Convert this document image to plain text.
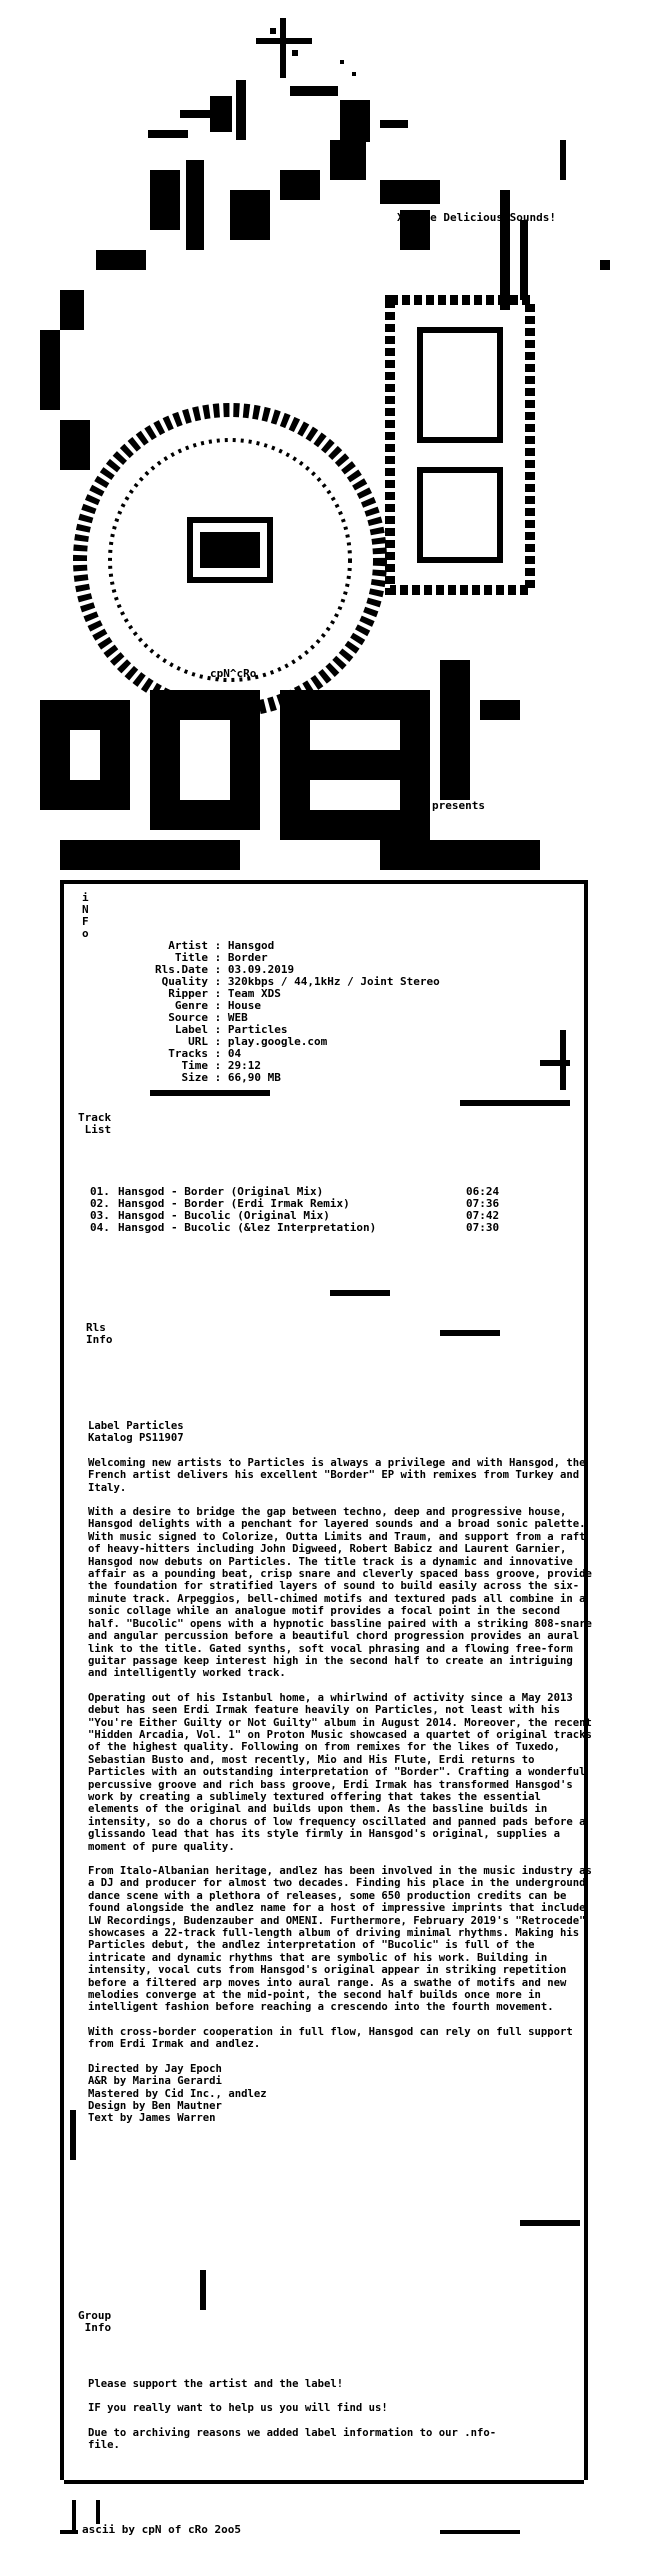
Xtreme Delicious Sounds!
cpN^cRo
presents
i
N
F
o
Artist : Hansgod
Title : Border
Rls.Date : 03.09.2019
Quality : 320kbps / 44,1kHz / Joint Stereo
Ripper : Team XDS
Genre : House
Source : WEB
Label : Particles
URL : play.google.com
Tracks : 04
Time : 29:12
Size : 66,90 MB
Track
List
01. Hansgod - Border (Original Mix)	06:24
02. Hansgod - Border (Erdi Irmak Remix)	07:36
03. Hansgod - Bucolic (Original Mix)	07:42
04. Hansgod - Bucolic (&lez Interpretation)	07:30
Rls
Info
Label Particles
Katalog PS11907

Welcoming new artists to Particles is always a privilege and with Hansgod, the French artist delivers his excellent "Border" EP with remixes from Turkey and Italy.

With a desire to bridge the gap between techno, deep and progressive house, Hansgod delights with a penchant for layered sounds and a broad sonic palette. With music signed to Colorize, Outta Limits and Traum, and support from a raft of heavy-hitters including John Digweed, Robert Babicz and Laurent Garnier, Hansgod now debuts on Particles. The title track is a dynamic and innovative affair as a pounding beat, crisp snare and cleverly spaced bass groove, provide the foundation for stratified layers of sound to build easily across the six-minute track. Arpeggios, bell-chimed motifs and textured pads all combine in a sonic collage while an analogue motif provides a focal point in the second half. "Bucolic" opens with a hypnotic bassline paired with a striking 808-snare and angular percussion before a beautiful chord progression provides an aural link to the title. Gated synths, soft vocal phrasing and a flowing free-form guitar passage keep interest high in the second half to create an intriguing and intelligently worked track.

Operating out of his Istanbul home, a whirlwind of activity since a May 2013 debut has seen Erdi Irmak feature heavily on Particles, not least with his "You're Either Guilty or Not Guilty" album in August 2014. Moreover, the recent "Hidden Arcadia, Vol. 1" on Proton Music showcased a quartet of original tracks of the highest quality. Following on from remixes for the likes of Tuxedo, Sebastian Busto and, most recently, Mio and His Flute, Erdi returns to Particles with an outstanding interpretation of "Border". Crafting a wonderful percussive groove and rich bass groove, Erdi Irmak has transformed Hansgod's work by creating a sublimely textured offering that takes the essential elements of the original and builds upon them. As the bassline builds in intensity, so do a chorus of low frequency oscillated and panned pads before a glissando lead that has its style firmly in Hansgod's original, supplies a moment of pure quality.

From Italo-Albanian heritage, andlez has been involved in the music industry as a DJ and producer for almost two decades. Finding his place in the underground dance scene with a plethora of releases, some 650 production credits can be found alongside the andlez name for a host of impressive imprints that include LW Recordings, Budenzauber and OMENI. Furthermore, February 2019's "Retrocede" showcases a 22-track full-length album of driving minimal rhythms. Making his Particles debut, the andlez interpretation of "Bucolic" is full of the intricate and dynamic rhythms that are symbolic of his work. Building in intensity, vocal cuts from Hansgod's original appear in striking repetition before a filtered arp moves into aural range. As a swathe of motifs and new melodies converge at the mid-point, the second half builds once more in intelligent fashion before reaching a crescendo into the fourth movement.

With cross-border cooperation in full flow, Hansgod can rely on full support from Erdi Irmak and andlez.

Directed by Jay Epoch
A&R by Marina Gerardi
Mastered by Cid Inc., andlez
Design by Ben Mautner
Text by James Warren
Group
Info

Please support the artist and the label!

IF you really want to help us you will find us!

Due to archiving reasons we added label information to our .nfo-file.

ascii by cpN of cRo 2oo5
